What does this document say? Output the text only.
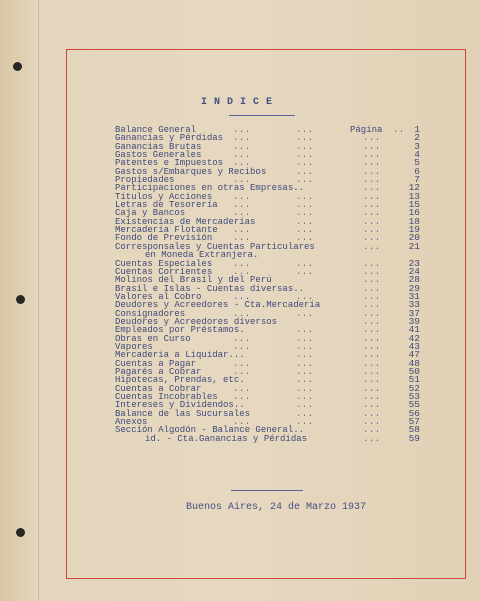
INDICE
Balance General	...	...	Página .. 1
Ganancias y Pérdidas ...	...	...	2
Ganancias Brutas	...	...	...	3
Gastos Generales	...	...	...	4
Patentes e Impuestos ...	...	...	5
Gastos s/Embarques y Recibos	...	...	6
Propiedades	...	...	...	7
Participaciones en otras Empresas..	...	12
Títulos y Acciones ...	...	...	13
Letras de Tesorería ...	...	...	15
Caja y Bancos	...	...	...	16
Existencias de Mercaderías	...	...	18
Mercadería Flotante ...	...	...	19
Fondo de Previsión ...	...	...	20
Corresponsales y Cuentas Particulares	...	21
en Moneda Extranjera.
Cuentas Especiales ...	...	...	23
Cuentas Corrientes ...	...	...	24
Molinos del Brasil y del Perú	...	28
Brasil e Islas - Cuentas diversas..	...	29
Valores al Cobro	...	...	...	31
Deudores y Acreedores - Cta.Mercadería	...	33
Consignadores	...	...	...	37
Deudores y Acreedores diversos	...	39
Empleados por Préstamos.	...	...	41
Obras en Curso	...	...	...	42
Vapores	...	...	...	43
Mercadería a Liquidar...	...	...	47
Cuentas a Pagar	...	...	...	48
Pagarés a Cobrar	...	...	...	50
Hipotecas, Prendas, etc.	...	...	51
Cuentas a Cobrar	...	...	...	52
Cuentas Incobrables ...	...	...	53
Intereses y Dividendos..	...	...	55
Balance de las Sucursales	...	...	56
Anexos	...	...	...	57
Sección Algodón - Balance General..	...	58
id. - Cta.Ganancias y Pérdidas	...	59
Buenos Aires, 24 de Marzo 1937
